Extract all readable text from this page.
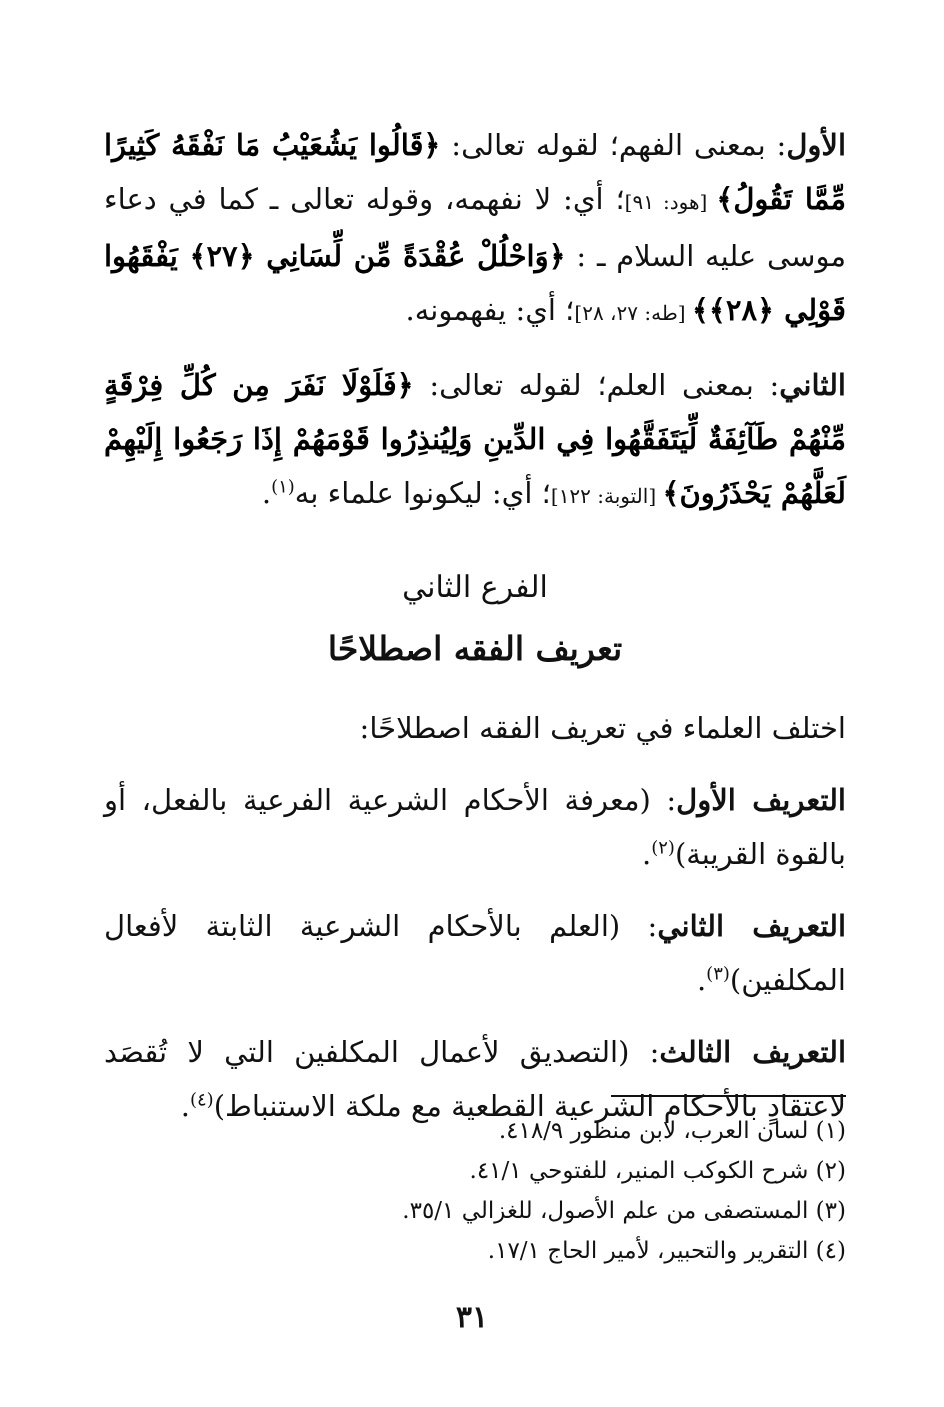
الأول: بمعنى الفهم؛ لقوله تعالى: ﴿قَالُوا يَشُعَيْبُ مَا نَفْقَهُ كَثِيرًا مِّمَّا تَقُولُ﴾ [هود: ٩١]؛ أي: لا نفهمه، وقوله تعالى ـ كما في دعاء موسى عليه السلام ـ : ﴿وَاحْلُلْ عُقْدَةً مِّن لِّسَانِي ﴿٢٧﴾ يَفْقَهُوا قَوْلِي ﴿٢٨﴾﴾ [طه: ٢٧، ٢٨]؛ أي: يفهمونه.

الثاني: بمعنى العلم؛ لقوله تعالى: ﴿فَلَوْلَا نَفَرَ مِن كُلِّ فِرْقَةٍ مِّنْهُمْ طَآئِفَةٌ لِّيَتَفَقَّهُوا فِي الدِّينِ وَلِيُنذِرُوا قَوْمَهُمْ إِذَا رَجَعُوا إِلَيْهِمْ لَعَلَّهُمْ يَحْذَرُونَ﴾ [التوبة: ١٢٢]؛ أي: ليكونوا علماء به$^{(١)}$.

الفرع الثاني
تعريف الفقه اصطلاحًا

اختلف العلماء في تعريف الفقه اصطلاحًا:

التعريف الأول: (معرفة الأحكام الشرعية الفرعية بالفعل، أو بالقوة القريبة)$^{(٢)}$.

التعريف الثاني: (العلم بالأحكام الشرعية الثابتة لأفعال المكلفين)$^{(٣)}$.

التعريف الثالث: (التصديق لأعمال المكلفين التي لا تُقصَد لاعتقادٍ بالأحكام الشرعية القطعية مع ملكة الاستنباط)$^{(٤)}$.

(١) لسان العرب، لابن منظور ٤١٨/٩.

(٢) شرح الكوكب المنير، للفتوحي ٤١/١.

(٣) المستصفى من علم الأصول، للغزالي ٣٥/١.

(٤) التقرير والتحبير، لأمير الحاج ١٧/١.

٣١
